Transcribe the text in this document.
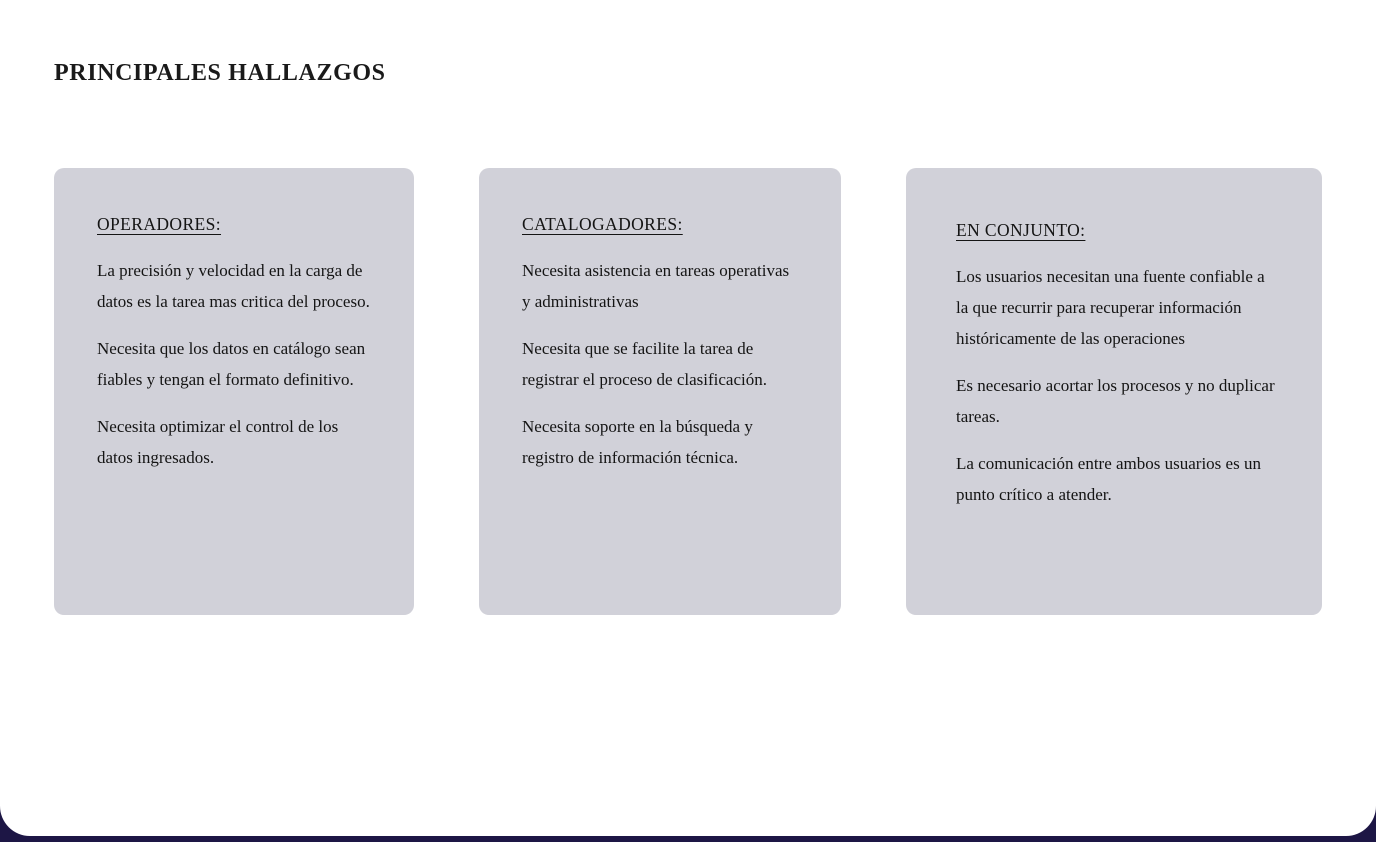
PRINCIPALES HALLAZGOS
OPERADORES:

La precisión y velocidad en la carga de datos es la tarea mas critica del proceso.

Necesita que los datos en catálogo sean fiables y tengan el formato definitivo.

Necesita optimizar el control de los datos ingresados.

CATALOGADORES:

Necesita asistencia en tareas operativas y administrativas

Necesita que se facilite la tarea de registrar el proceso de clasificación.

Necesita soporte en la búsqueda y registro de información técnica.

EN CONJUNTO:

Los usuarios necesitan una fuente confiable a la que recurrir para recuperar información históricamente de las operaciones

Es necesario acortar los procesos y no duplicar tareas.

La comunicación entre ambos usuarios es un punto crítico a atender.
